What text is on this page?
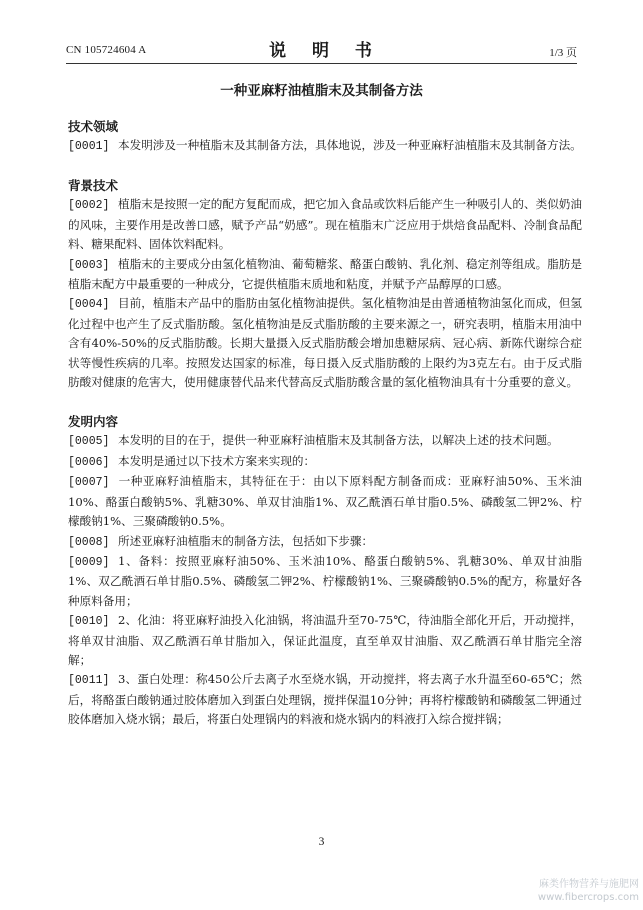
CN 105724604 A	说 明 书	1/3 页
一种亚麻籽油植脂末及其制备方法
技术领域

[0001] 本发明涉及一种植脂末及其制备方法，具体地说，涉及一种亚麻籽油植脂末及其制备方法。

背景技术

[0002] 植脂末是按照一定的配方复配而成，把它加入食品或饮料后能产生一种吸引人的、类似奶油的风味，主要作用是改善口感，赋予产品“奶感”。现在植脂末广泛应用于烘焙食品配料、冷制食品配料、糖果配料、固体饮料配料。

[0003] 植脂末的主要成分由氢化植物油、葡萄糖浆、酪蛋白酸钠、乳化剂、稳定剂等组成。脂肪是植脂末配方中最重要的一种成分，它提供植脂末质地和粘度，并赋予产品醇厚的口感。

[0004] 目前，植脂末产品中的脂肪由氢化植物油提供。氢化植物油是由普通植物油氢化而成，但氢化过程中也产生了反式脂肪酸。氢化植物油是反式脂肪酸的主要来源之一，研究表明，植脂末用油中含有40%-50%的反式脂肪酸。长期大量摄入反式脂肪酸会增加患糖尿病、冠心病、新陈代谢综合症状等慢性疾病的几率。按照发达国家的标准，每日摄入反式脂肪酸的上限约为3克左右。由于反式脂肪酸对健康的危害大，使用健康替代品来代替高反式脂肪酸含量的氢化植物油具有十分重要的意义。

发明内容

[0005] 本发明的目的在于，提供一种亚麻籽油植脂末及其制备方法，以解决上述的技术问题。

[0006] 本发明是通过以下技术方案来实现的：

[0007] 一种亚麻籽油植脂末，其特征在于：由以下原料配方制备而成：亚麻籽油50%、玉米油10%、酪蛋白酸钠5%、乳糖30%、单双甘油脂1%、双乙酰酒石单甘脂0.5%、磷酸氢二钾2%、柠檬酸钠1%、三聚磷酸钠0.5%。

[0008] 所述亚麻籽油植脂末的制备方法，包括如下步骤：

[0009] 1、备料：按照亚麻籽油50%、玉米油10%、酪蛋白酸钠5%、乳糖30%、单双甘油脂1%、双乙酰酒石单甘脂0.5%、磷酸氢二钾2%、柠檬酸钠1%、三聚磷酸钠0.5%的配方，称量好各种原料备用；

[0010] 2、化油：将亚麻籽油投入化油锅，将油温升至70-75℃，待油脂全部化开后，开动搅拌，将单双甘油脂、双乙酰酒石单甘脂加入，保证此温度，直至单双甘油脂、双乙酰酒石单甘脂完全溶解；

[0011] 3、蛋白处理：称450公斤去离子水至烧水锅，开动搅拌，将去离子水升温至60-65℃；然后，将酪蛋白酸钠通过胶体磨加入到蛋白处理锅，搅拌保温10分钟；再将柠檬酸钠和磷酸氢二钾通过胶体磨加入烧水锅；最后，将蛋白处理锅内的料液和烧水锅内的料液打入综合搅拌锅；

3
麻类作物营养与施肥网
www.fibercrops.com
